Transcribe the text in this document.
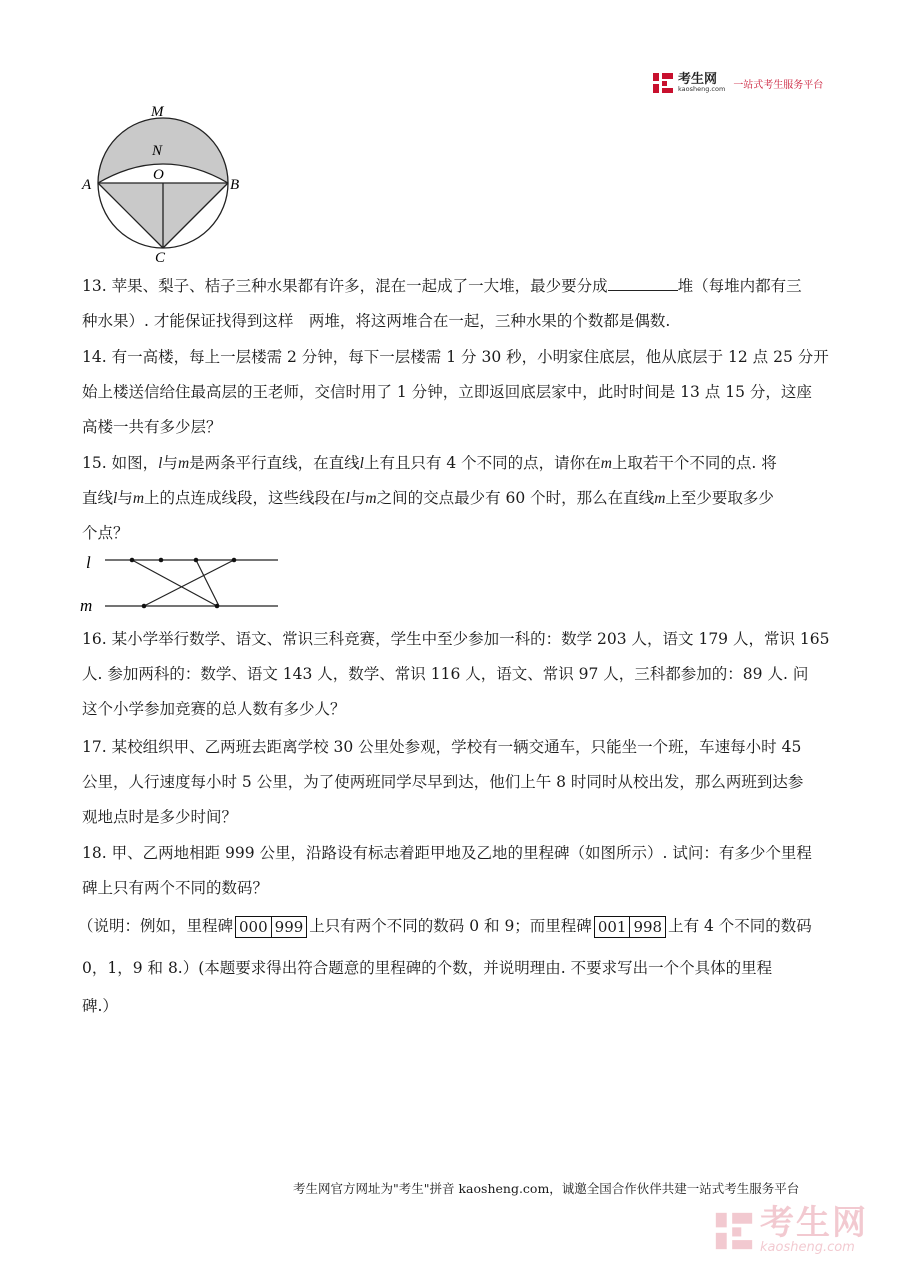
考生网
kaosheng.com 一站式考生服务平台
M
N
O
A	B
C
13. 苹果、梨子、桔子三种水果都有许多，混在一起成了一大堆，最少要分成	堆（每堆内都有三
种水果）. 才能保证找得到这样　两堆，将这两堆合在一起，三种水果的个数都是偶数.
14. 有一高楼，每上一层楼需 2 分钟，每下一层楼需 1 分 30 秒，小明家住底层，他从底层于 12 点 25 分开
始上楼送信给住最高层的王老师，交信时用了 1 分钟，立即返回底层家中，此时时间是 13 点 15 分，这座
高楼一共有多少层？
15. 如图，l与m是两条平行直线，在直线l上有且只有 4 个不同的点，请你在m上取若干个不同的点. 将
直线l与m上的点连成线段，这些线段在l与m之间的交点最少有 60 个时，那么在直线m上至少要取多少
个点？
l
m
16. 某小学举行数学、语文、常识三科竞赛，学生中至少参加一科的：数学 203 人，语文 179 人，常识 165
人. 参加两科的：数学、语文 143 人，数学、常识 116 人，语文、常识 97 人，三科都参加的：89 人. 问
这个小学参加竞赛的总人数有多少人？
17. 某校组织甲、乙两班去距离学校 30 公里处参观，学校有一辆交通车，只能坐一个班，车速每小时 45
公里，人行速度每小时 5 公里，为了使两班同学尽早到达，他们上午 8 时同时从校出发，那么两班到达参
观地点时是多少时间？
18. 甲、乙两地相距 999 公里，沿路设有标志着距甲地及乙地的里程碑（如图所示）. 试问：有多少个里程
碑上只有两个不同的数码？
（说明：例如，里程碑 000 999 上只有两个不同的数码 0 和 9；而里程碑 001 998 上有 4 个不同的数码
0，1，9 和 8.）(本题要求得出符合题意的里程碑的个数，并说明理由. 不要求写出一个个具体的里程
碑.）
考生网官方网址为"考生"拼音 kaosheng.com，诚邀全国合作伙伴共建一站式考生服务平台
考生网
kaosheng.com
